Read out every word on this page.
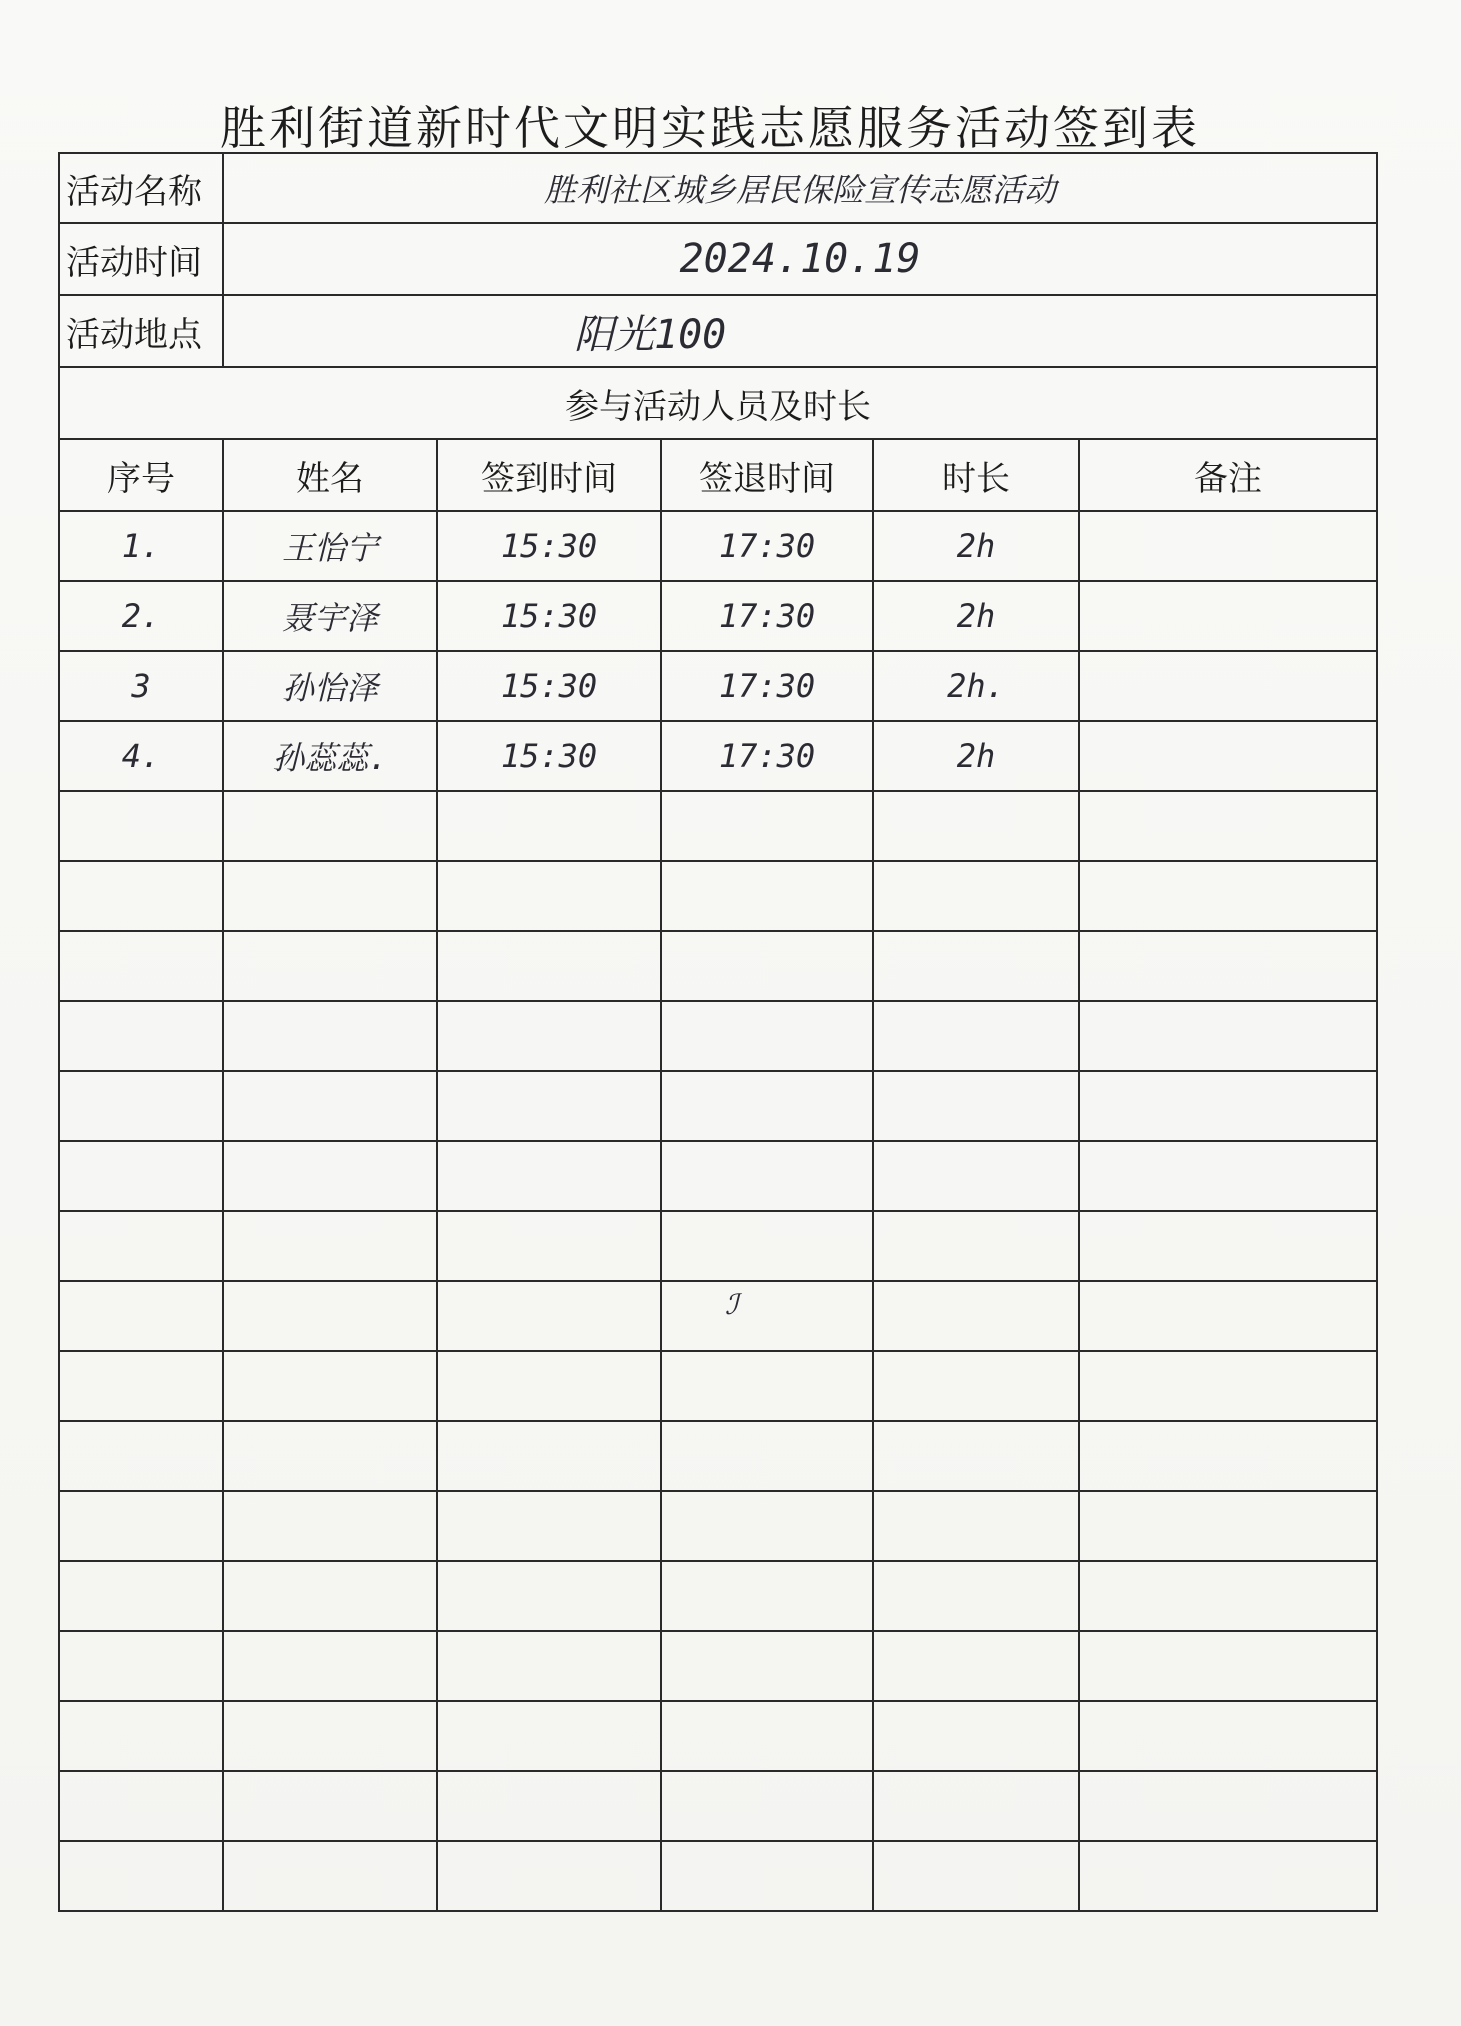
胜利街道新时代文明实践志愿服务活动签到表
活动名称	胜利社区城乡居民保险宣传志愿活动				
活动时间	2024.10.19				
活动地点	阳光100				
参与活动人员及时长					
序号	姓名	签到时间	签退时间	时长	备注
1.	王怡宁	15:30	17:30	2h	
2.	聂宇泽	15:30	17:30	2h	
3	孙怡泽	15:30	17:30	2h.	
4.	孙蕊蕊.	15:30	17:30	2h	

ℐ
